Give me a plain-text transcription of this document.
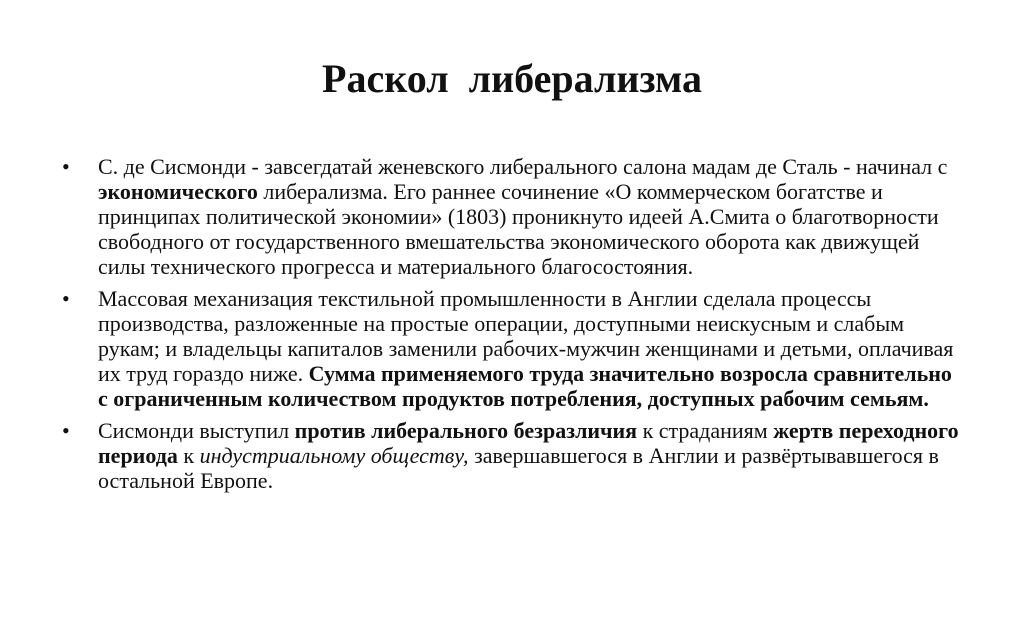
Раскол  либерализма
•	С. де Сисмонди - завсегдатай женевского либерального салона мадам де Сталь - начинал с экономического либерализма. Его раннее сочинение «О коммерческом богатстве и принципах политической экономии» (1803) проникнуто идеей А.Смита о благотворности свободного от государственного вмешательства экономического оборота как движущей силы технического прогресса и материального благосостояния.
•	Массовая механизация текстильной промышленности в Англии сделала процессы производства, разложенные на простые операции, доступными неискусным и слабым рукам; и владельцы капиталов заменили рабочих-мужчин женщинами и детьми, оплачивая их труд гораздо ниже. Сумма применяемого труда значительно возросла сравнительно с ограниченным количеством продуктов потребления, доступных рабочим семьям.
•	Сисмонди выступил против либерального безразличия к страданиям жертв переходного периода к индустриальному обществу, завершавшегося в Англии и развёртывавшегося в остальной Европе.
